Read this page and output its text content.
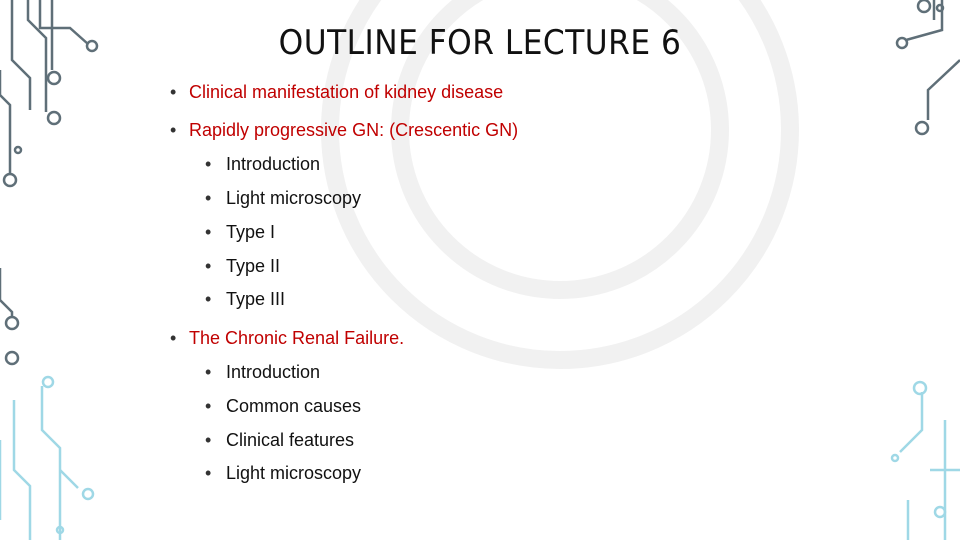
OUTLINE FOR LECTURE 6
• Clinical manifestation of kidney disease
• Rapidly progressive GN: (Crescentic GN)
• Introduction
• Light microscopy
• Type I
• Type II
• Type III
• The Chronic Renal Failure.
• Introduction
• Common causes
• Clinical features
• Light microscopy
